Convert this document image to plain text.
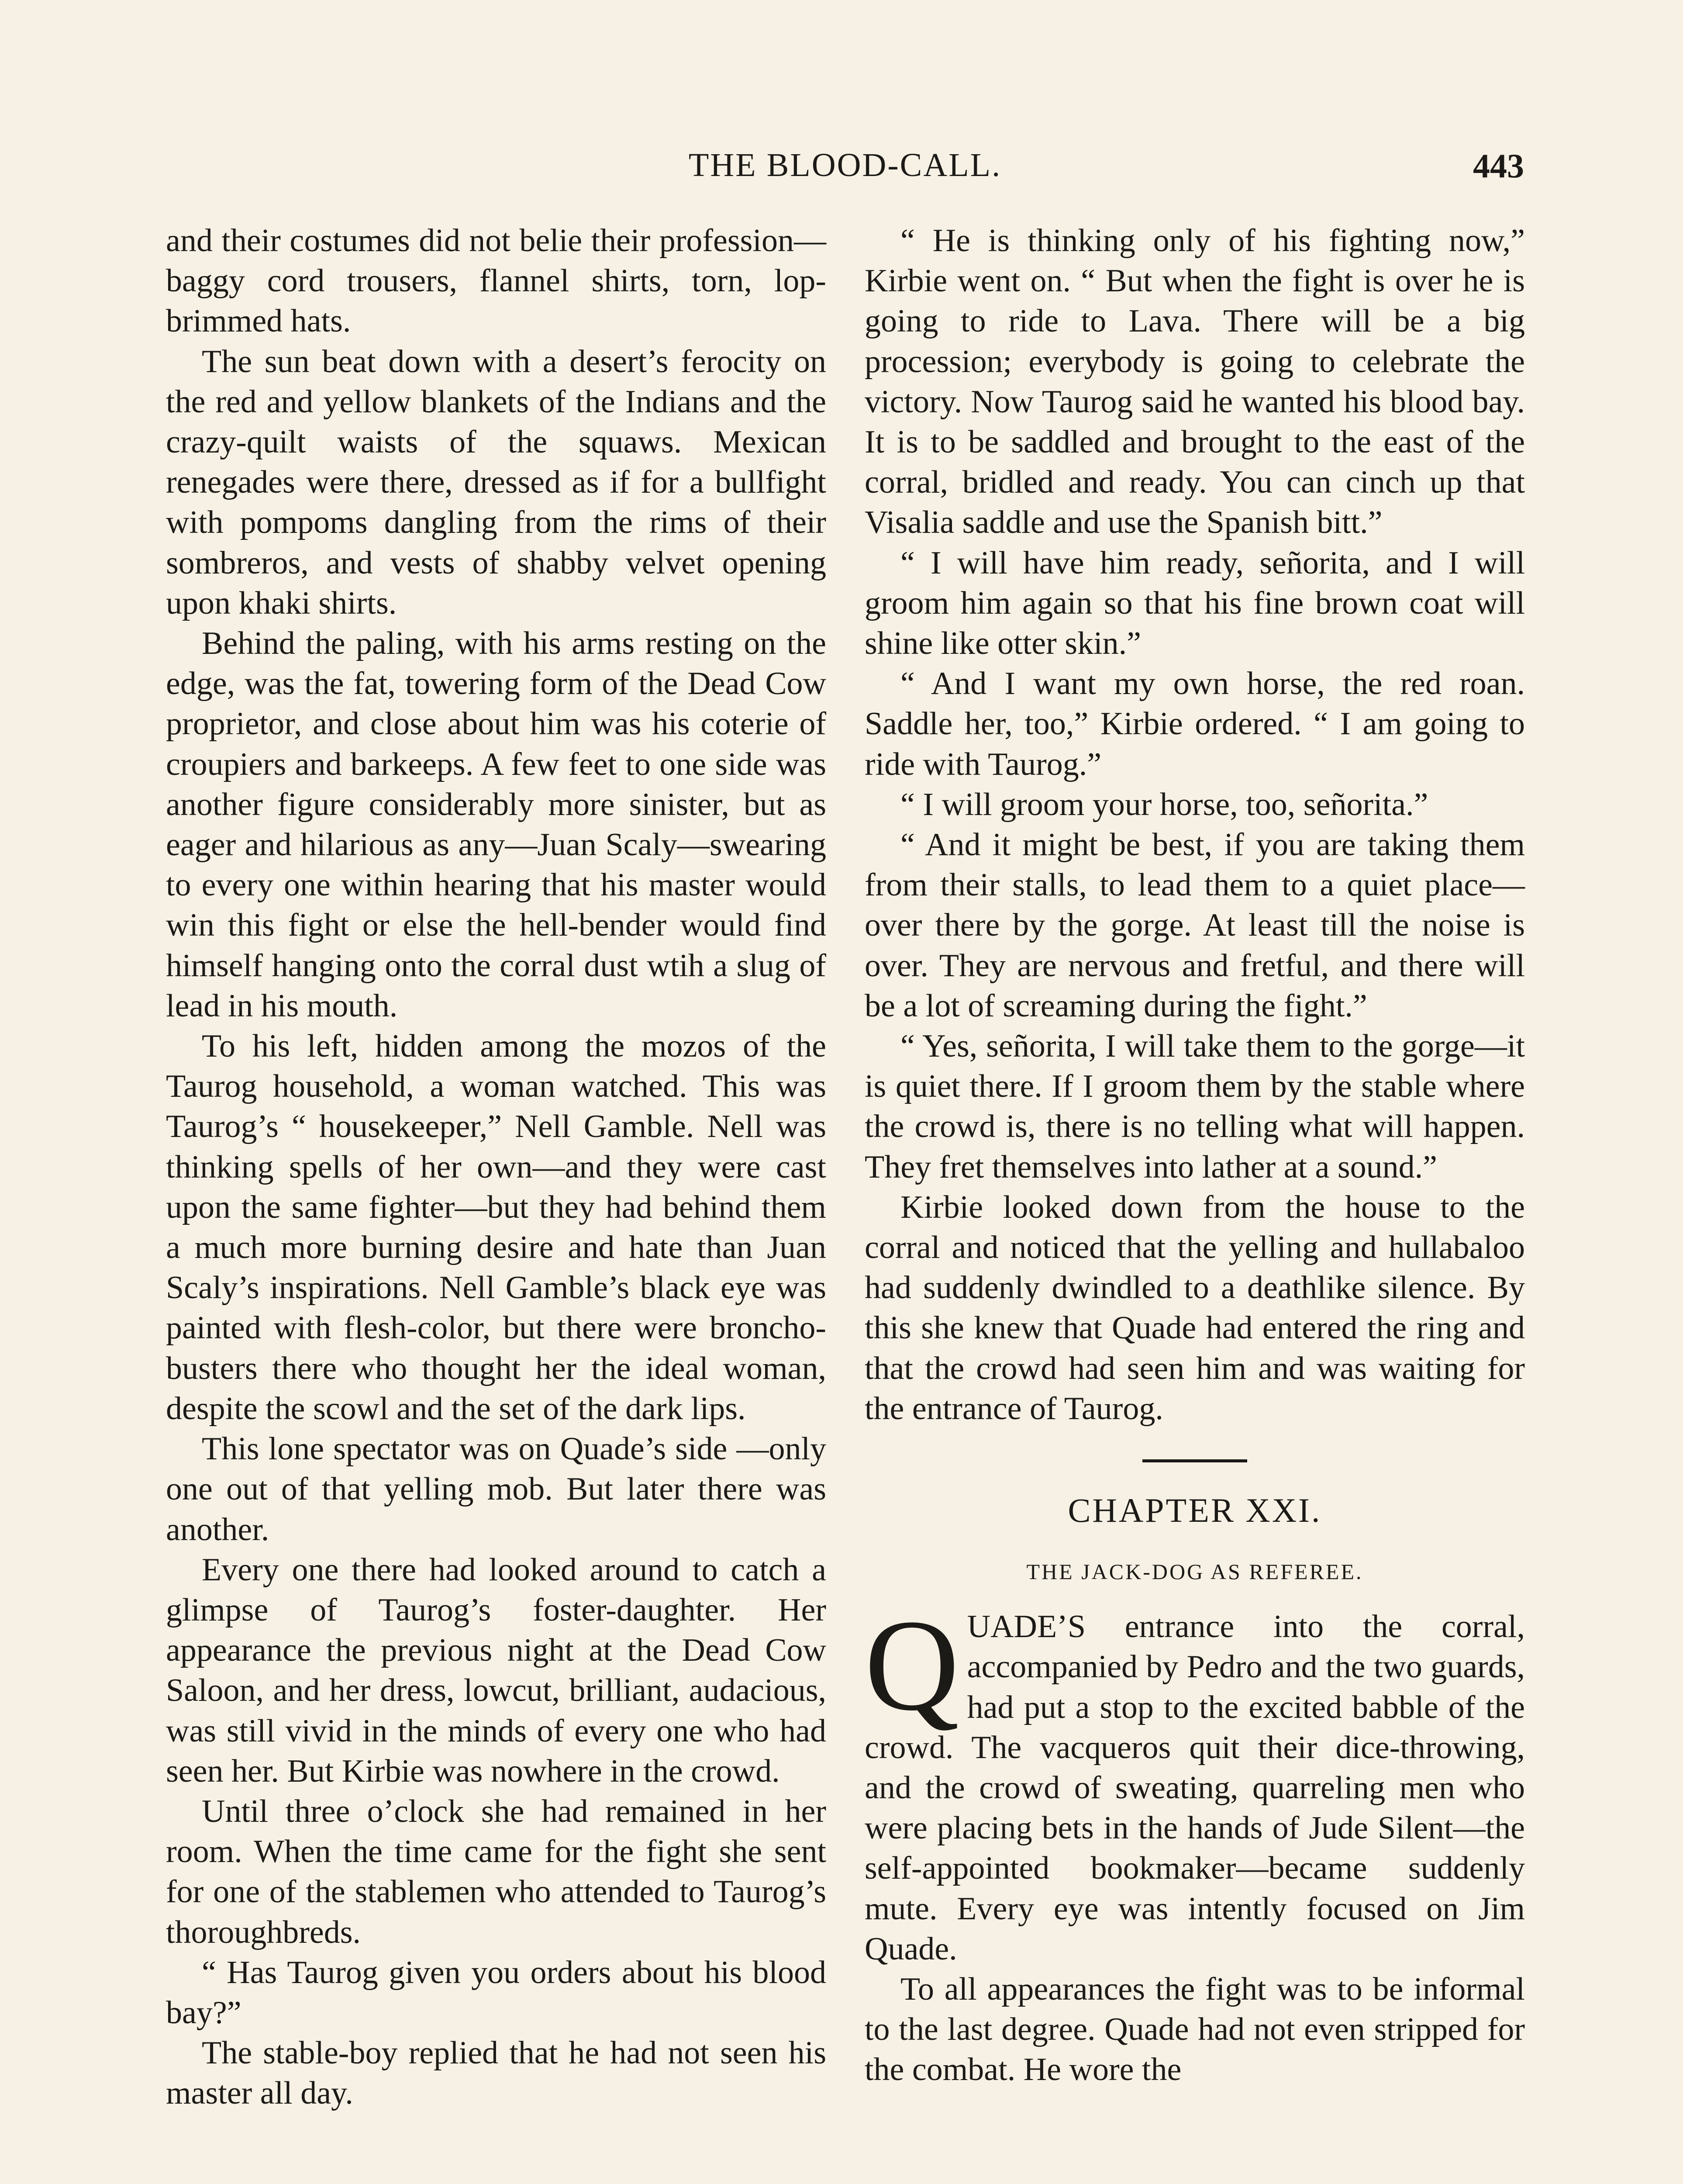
THE BLOOD-CALL.	443

and their costumes did not belie their profession—baggy cord trousers, flannel shirts, torn, lop-brimmed hats.

The sun beat down with a desert’s ferocity on the red and yellow blankets of the Indians and the crazy-quilt waists of the squaws. Mexican renegades were there, dressed as if for a bullfight with pompoms dangling from the rims of their sombreros, and vests of shabby velvet opening upon khaki shirts.

Behind the paling, with his arms resting on the edge, was the fat, towering form of the Dead Cow proprietor, and close about him was his coterie of croupiers and barkeeps. A few feet to one side was another figure considerably more sinister, but as eager and hilarious as any—Juan Scaly—swearing to every one within hearing that his master would win this fight or else the hell-bender would find himself hanging onto the corral dust wtih a slug of lead in his mouth.

To his left, hidden among the mozos of the Taurog household, a woman watched. This was Taurog’s “ housekeeper,” Nell Gamble. Nell was thinking spells of her own—and they were cast upon the same fighter—but they had behind them a much more burning desire and hate than Juan Scaly’s inspirations. Nell Gamble’s black eye was painted with flesh-color, but there were broncho-busters there who thought her the ideal woman, despite the scowl and the set of the dark lips.

This lone spectator was on Quade’s side —only one out of that yelling mob. But later there was another.

Every one there had looked around to catch a glimpse of Taurog’s foster-daughter. Her appearance the previous night at the Dead Cow Saloon, and her dress, lowcut, brilliant, audacious, was still vivid in the minds of every one who had seen her. But Kirbie was nowhere in the crowd.

Until three o’clock she had remained in her room. When the time came for the fight she sent for one of the stablemen who attended to Taurog’s thoroughbreds.

“ Has Taurog given you orders about his blood bay?”

The stable-boy replied that he had not seen his master all day.

“ He is thinking only of his fighting now,” Kirbie went on. “ But when the fight is over he is going to ride to Lava. There will be a big procession; everybody is going to celebrate the victory. Now Taurog said he wanted his blood bay. It is to be saddled and brought to the east of the corral, bridled and ready. You can cinch up that Visalia saddle and use the Spanish bitt.”

“ I will have him ready, señorita, and I will groom him again so that his fine brown coat will shine like otter skin.”

“ And I want my own horse, the red roan. Saddle her, too,” Kirbie ordered. “ I am going to ride with Taurog.”

“ I will groom your horse, too, señorita.”

“ And it might be best, if you are taking them from their stalls, to lead them to a quiet place—over there by the gorge. At least till the noise is over. They are nervous and fretful, and there will be a lot of screaming during the fight.”

“ Yes, señorita, I will take them to the gorge—it is quiet there. If I groom them by the stable where the crowd is, there is no telling what will happen. They fret themselves into lather at a sound.”

Kirbie looked down from the house to the corral and noticed that the yelling and hullabaloo had suddenly dwindled to a deathlike silence. By this she knew that Quade had entered the ring and that the crowd had seen him and was waiting for the entrance of Taurog.

CHAPTER XXI.
THE JACK-DOG AS REFEREE.

QUADE’S entrance into the corral, accompanied by Pedro and the two guards, had put a stop to the excited babble of the crowd. The vacqueros quit their dice-throwing, and the crowd of sweating, quarreling men who were placing bets in the hands of Jude Silent—the self-appointed bookmaker—became suddenly mute. Every eye was intently focused on Jim Quade.

To all appearances the fight was to be informal to the last degree. Quade had not even stripped for the combat. He wore the
